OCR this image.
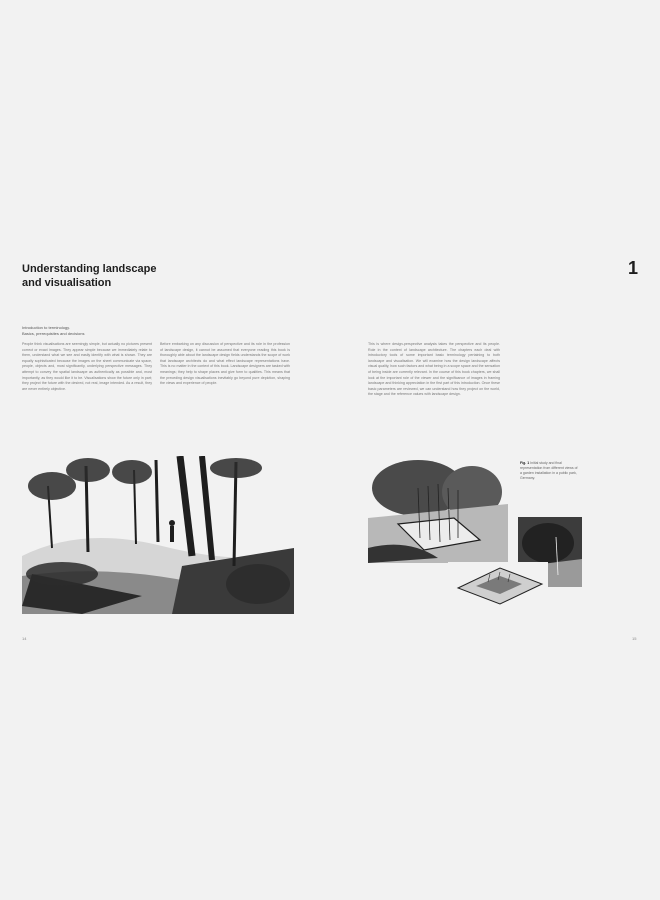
Understanding landscape
and visualisation
1
Introduction to terminology.
Basics, prerequisites and decisions

People think visualisations are seemingly simple, but actually no pictures present correct or exact images. They appear simple because we immediately relate to them, understand what we see and easily identify with what is shown. They are equally sophisticated because the images on the sheet communicate via space, people, objects and, most significantly, underlying perspective messages. They attempt to convey the spatial landscape as authentically as possible and, most importantly, as they would like it to be. Visualisations show the future only in part; they project the future with the desired, not real, image intended. As a result, they are never entirely objective.

Before embarking on any discussion of perspective and its role in the profession of landscape design, it cannot be assumed that everyone reading this book is thoroughly able about the landscape design fields understands the scope of work that landscape architects do and what effect landscape representations have. This is no matter in the context of this book. Landscape designers are tasked with meanings; they help to shape places and give form to qualities. This means that the preceding design visualisations inevitably go beyond pure depiction, shaping the views and experience of people.

This is where design-perspective analysis takes the perspective and its people. Role in the context of landscape architecture. The chapters each deal with introductory tools of some important basic terminology pertaining to both landscape and visualisation. We will examine how the design landscape affects visual quality, how such factors and what being in a scope space and the sensation of being inside are currently relevant. In the course of this book chapters, we shall look at the important role of the viewer and the significance of images in framing landscape and thinking appreciation in the first part of this introduction. Once these basic parameters are reviewed, we can understand how they project on the world, the stage and the reference values with landscape design.

Fig. 1 Initial study and final representation from different views of a garden installation in a public park, Germany.
14	15
